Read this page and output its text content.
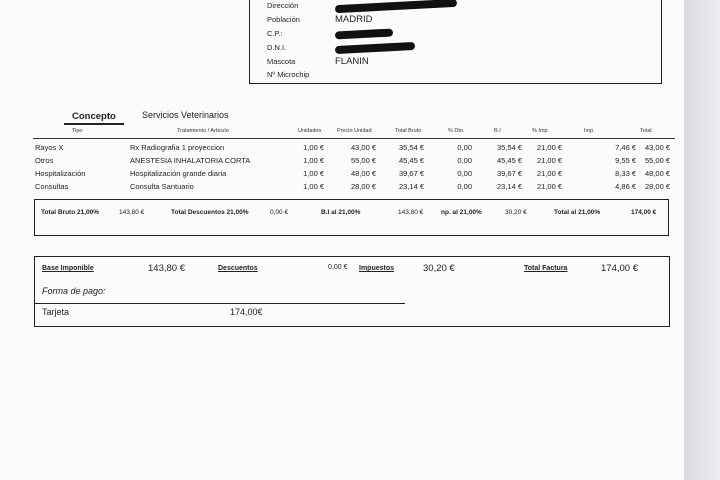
Dirección
Población	MADRID
C.P.:
D.N.I.
Mascota	FLANIN
Nº Microchip
Concepto	Servicios Veterinarios
Tipo	Tratamiento / Articulo	Unidades	Precio Unidad	Total Bruto	% Dto.	B.I	% Imp.	Imp.	Total
Rayos X	Rx Radiografia 1 proyeccion	1,00 €	43,00 €	35,54 €	0,00	35,54 €	21,00 €	7,46 €	43,00 €
Otros	ANESTESIA INHALATORIA CORTA	1,00 €	55,00 €	45,45 €	0,00	45,45 €	21,00 €	9,55 €	55,00 €
Hospitalización	Hospitalización grande diaria	1,00 €	48,00 €	39,67 €	0,00	39,67 €	21,00 €	8,33 €	48,00 €
Consultas	Consulta Santuario	1,00 €	28,00 €	23,14 €	0,00	23,14 €	21,00 €	4,86 €	28,00 €
Total Bruto 21,00%	143,80 €	Total Descuentos 21,00%	0,00 €	B.I al 21,00%	143,80 €	np. al 21,00%	30,20 €	Total al 21,00%	174,00 €
Base Imponible	143,80 €	Descuentos	0,00 € Impuestos	30,20 €	Total Factura	174,00 €
Forma de pago:
Tarjeta	174,00€
